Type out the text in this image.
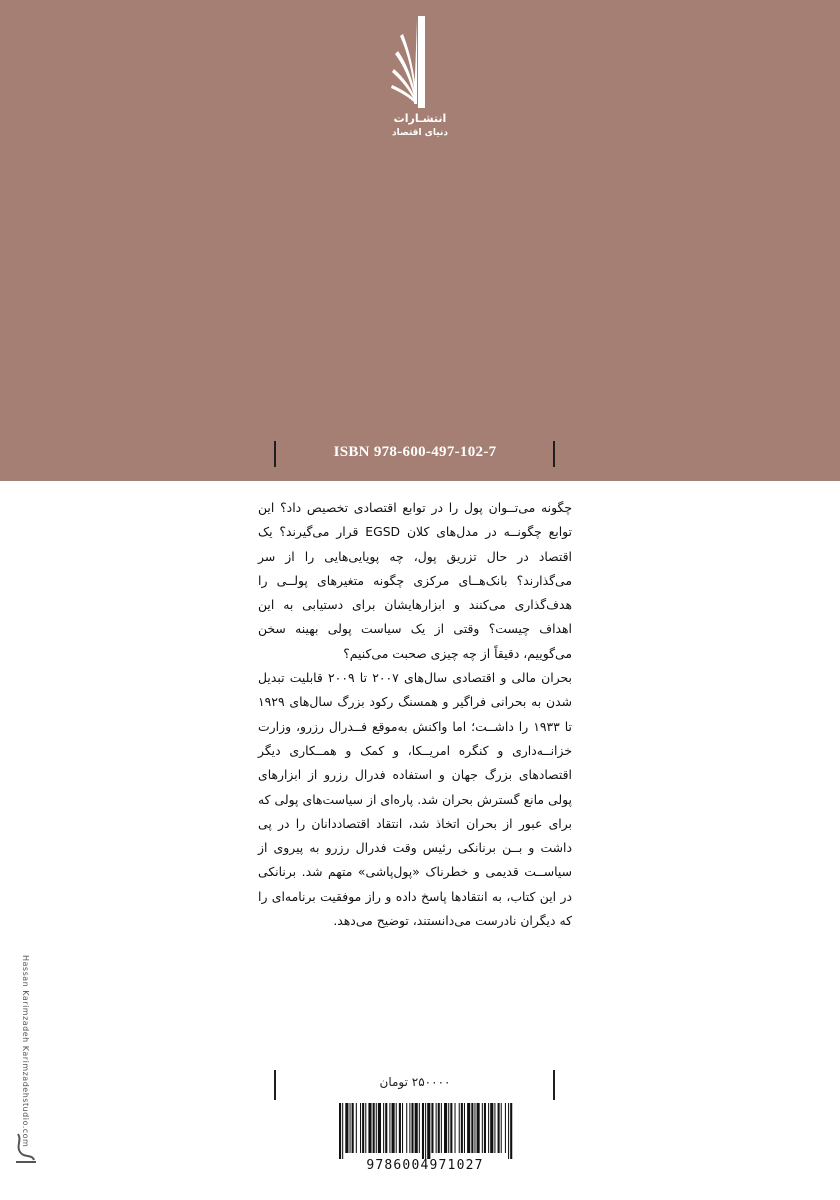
انتشـارات
دنیای اقتصاد
ISBN 978-600-497-102-7

چگونه می‌تــوان پول را در توابع اقتصادی تخصیص داد؟ این توابع چگونــه در مدل‌های کلان EGSD قرار می‌گیرند؟ یک اقتصاد در حال تزریق پول، چه پویایی‌هایی را از سر می‌گذارند؟ بانک‌هــای مرکزی چگونه متغیرهای پولــی را هدف‌گذاری می‌کنند و ابزارهایشان برای دستیابی به این اهداف چیست؟ وقتی از یک سیاست پولی بهینه سخن می‌گوییم، دقیقاً از چه چیزی صحبت می‌کنیم؟

بحران مالی و اقتصادی سال‌های ۲۰۰۷ تا ۲۰۰۹ قابلیت تبدیل شدن به بحرانی فراگیر و همسنگ رکود بزرگ سال‌های ۱۹۲۹ تا ۱۹۳۳ را داشــت؛ اما واکنش به‌موقع فــدرال رزرو، وزارت خزانــه‌داری و کنگره امریــکا، و کمک و همــکاری دیگر اقتصادهای بزرگ جهان و استفاده فدرال رزرو از ابزارهای پولی مانع گسترش بحران شد. پاره‌ای از سیاست‌های پولی که برای عبور از بحران اتخاذ شد، انتقاد اقتصاددانان را در پی داشت و بــن برنانکی رئیس وقت فدرال رزرو به پیروی از سیاســت قدیمی و خطرناک «پول‌پاشی» متهم شد. برنانکی در این کتاب، به انتقادها پاسخ داده و راز موفقیت برنامه‌ای را که دیگران نادرست می‌دانستند، توضیح می‌دهد.

Hassan Karimzadeh Karimzadehstudio.com	۲۵۰۰۰۰ تومان
9786004971027
